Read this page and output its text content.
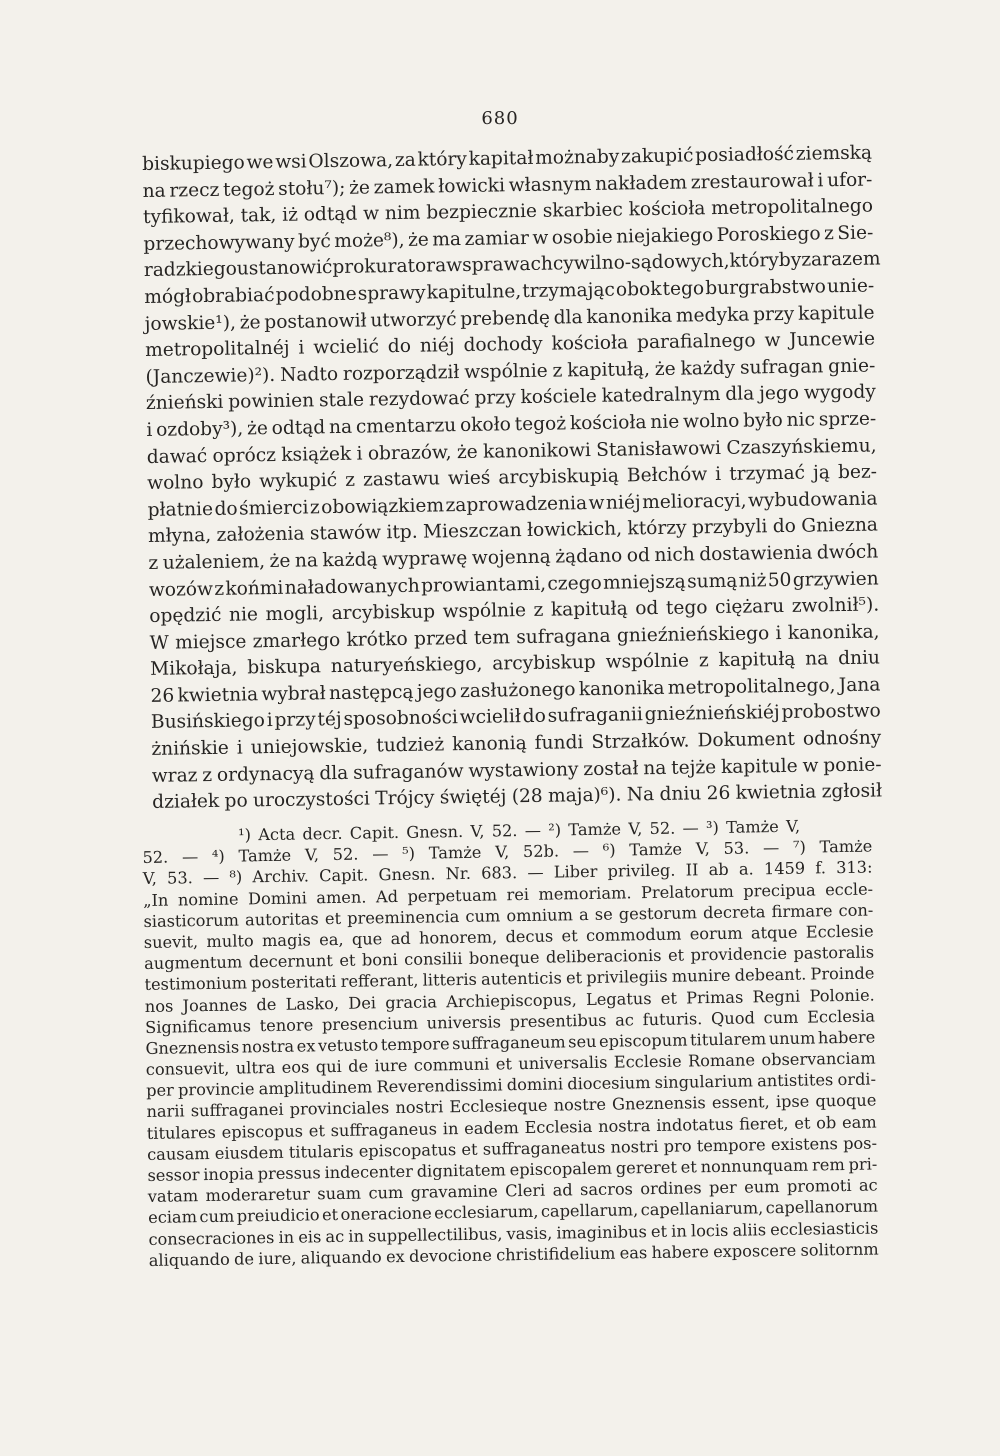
680
biskupiego we wsi Olszowa, za który kapitał możnaby zakupić posiadłość ziemską
na rzecz tegoż stołu⁷); że zamek łowicki własnym nakładem zrestaurował i ufor-
tyfikował, tak, iż odtąd w nim bezpiecznie skarbiec kościoła metropolitalnego
przechowywany być może⁸), że ma zamiar w osobie niejakiego Poroskiego z Sie-
radzkiego ustanowić prokuratora w sprawach cywilno-sądowych, któryby zarazem
mógł obrabiać podobne sprawy kapitulne, trzymając obok tego burgrabstwo unie-
jowskie¹), że postanowił utworzyć prebendę dla kanonika medyka przy kapitule
metropolitalnéj i wcielić do niéj dochody kościoła parafialnego w Juncewie
(Janczewie)²). Nadto rozporządził wspólnie z kapitułą, że każdy sufragan gnie-
źnieński powinien stale rezydować przy kościele katedralnym dla jego wygody
i ozdoby³), że odtąd na cmentarzu około tegoż kościoła nie wolno było nic sprze-
dawać oprócz książek i obrazów, że kanonikowi Stanisławowi Czaszyńskiemu,
wolno było wykupić z zastawu wieś arcybiskupią Bełchów i trzymać ją bez-
płatnie do śmierci z obowiązkiem zaprowadzenia w niéj melioracyi, wybudowania
młyna, założenia stawów itp. Mieszczan łowickich, którzy przybyli do Gniezna
z użaleniem, że na każdą wyprawę wojenną żądano od nich dostawienia dwóch
wozów z końmi naładowanych prowiantami, czego mniejszą sumą niż 50 grzywien
opędzić nie mogli, arcybiskup wspólnie z kapitułą od tego ciężaru zwolnił⁵).
W miejsce zmarłego krótko przed tem sufragana gnieźnieńskiego i kanonika,
Mikołaja, biskupa naturyeńskiego, arcybiskup wspólnie z kapitułą na dniu
26 kwietnia wybrał następcą jego zasłużonego kanonika metropolitalnego, Jana
Busińskiego i przy téj sposobności wcielił do sufraganii gnieźnieńskiéj probostwo
żnińskie i uniejowskie, tudzież kanonią fundi Strzałków. Dokument odnośny
wraz z ordynacyą dla sufraganów wystawiony został na tejże kapitule w ponie-
działek po uroczystości Trójcy świętéj (28 maja)⁶). Na dniu 26 kwietnia zgłosił
¹) Acta decr. Capit. Gnesn. V, 52. — ²) Tamże V, 52. — ³) Tamże V,
52. — ⁴) Tamże V, 52. — ⁵) Tamże V, 52b. — ⁶) Tamże V, 53. — ⁷) Tamże
V, 53. — ⁸) Archiv. Capit. Gnesn. Nr. 683. — Liber privileg. II ab a. 1459 f. 313:
„In nomine Domini amen. Ad perpetuam rei memoriam. Prelatorum precipua eccle-
siasticorum autoritas et preeminencia cum omnium a se gestorum decreta firmare con-
suevit, multo magis ea, que ad honorem, decus et commodum eorum atque Ecclesie
augmentum decernunt et boni consilii boneque deliberacionis et providencie pastoralis
testimonium posteritati refferant, litteris autenticis et privilegiis munire debeant. Proinde
nos Joannes de Lasko, Dei gracia Archiepiscopus, Legatus et Primas Regni Polonie.
Significamus tenore presencium universis presentibus ac futuris. Quod cum Ecclesia
Gneznensis nostra ex vetusto tempore suffraganeum seu episcopum titularem unum habere
consuevit, ultra eos qui de iure communi et universalis Ecclesie Romane observanciam
per provincie amplitudinem Reverendissimi domini diocesium singularium antistites ordi-
narii suffraganei provinciales nostri Ecclesieque nostre Gneznensis essent, ipse quoque
titulares episcopus et suffraganeus in eadem Ecclesia nostra indotatus fieret, et ob eam
causam eiusdem titularis episcopatus et suffraganeatus nostri pro tempore existens pos-
sessor inopia pressus indecenter dignitatem episcopalem gereret et nonnunquam rem pri-
vatam moderaretur suam cum gravamine Cleri ad sacros ordines per eum promoti ac
eciam cum preiudicio et oneracione ecclesiarum, capellarum, capellaniarum, capellanorum
consecraciones in eis ac in suppellectilibus, vasis, imaginibus et in locis aliis ecclesiasticis
aliquando de iure, aliquando ex devocione christifidelium eas habere exposcere solitornm
